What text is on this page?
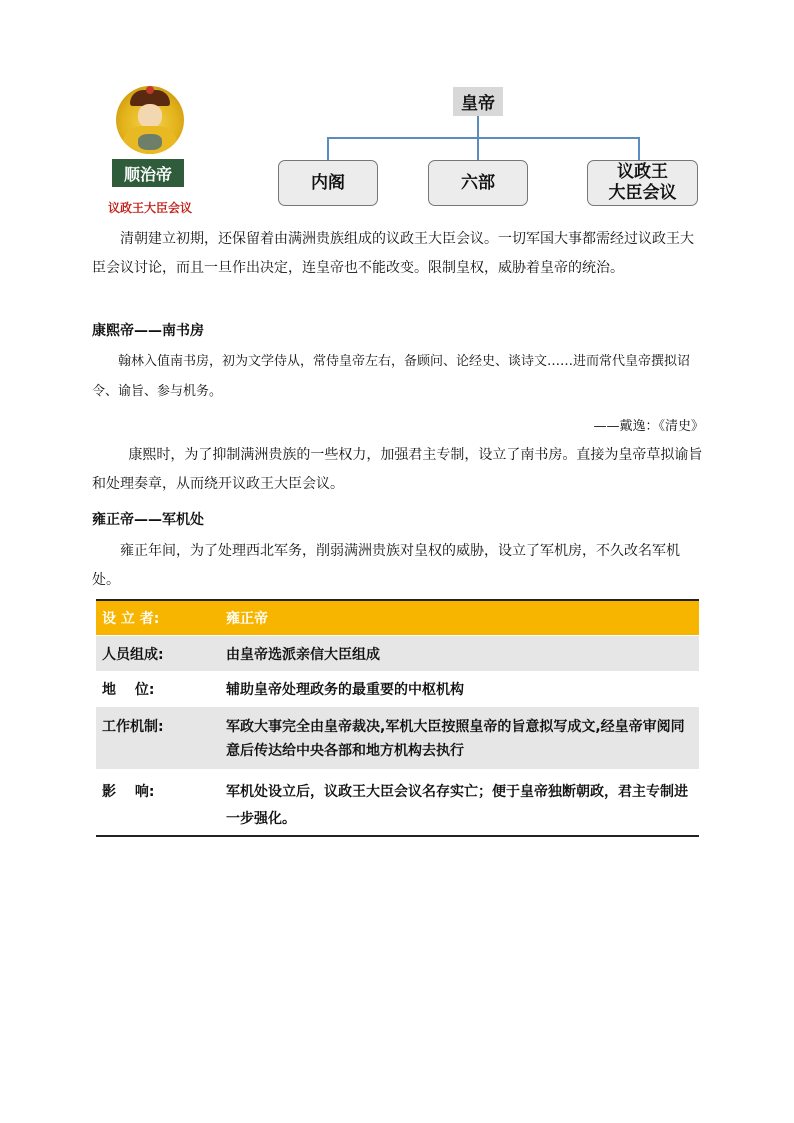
顺治帝
议政王大臣会议
皇帝
内阁	六部
议政王
大臣会议

清朝建立初期，还保留着由满洲贵族组成的议政王大臣会议。一切军国大事都需经过议政王大臣会议讨论，而且一旦作出决定，连皇帝也不能改变。限制皇权，威胁着皇帝的统治。

康熙帝——南书房

翰林入值南书房，初为文学侍从，常侍皇帝左右，备顾问、论经史、谈诗文……进而常代皇帝撰拟诏令、谕旨、参与机务。

——戴逸：《清史》

康熙时，为了抑制满洲贵族的一些权力，加强君主专制，设立了南书房。直接为皇帝草拟谕旨和处理奏章，从而绕开议政王大臣会议。

雍正帝——军机处

雍正年间，为了处理西北军务，削弱满洲贵族对皇权的威胁，设立了军机房，不久改名军机处。

设 立 者:	雍正帝
人员组成:	由皇帝选派亲信大臣组成
地　 位:	辅助皇帝处理政务的最重要的中枢机构
工作机制:	军政大事完全由皇帝裁决,军机大臣按照皇帝的旨意拟写成文,经皇帝审阅同意后传达给中央各部和地方机构去执行
影　 响:	军机处设立后，议政王大臣会议名存实亡；便于皇帝独断朝政，君主专制进一步强化。
